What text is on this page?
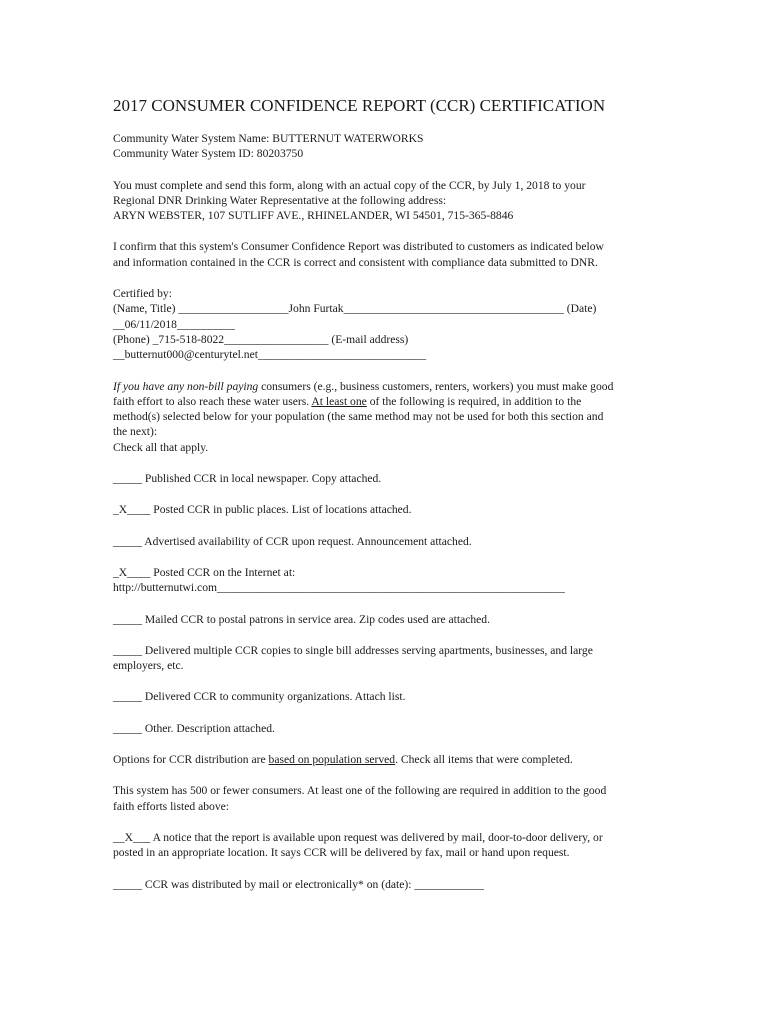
2017 CONSUMER CONFIDENCE REPORT (CCR) CERTIFICATION

Community Water System Name: BUTTERNUT WATERWORKS

Community Water System ID: 80203750

You must complete and send this form, along with an actual copy of the CCR, by July 1, 2018 to your

Regional DNR Drinking Water Representative at the following address:

ARYN WEBSTER, 107 SUTLIFF AVE., RHINELANDER, WI 54501, 715-365-8846

I confirm that this system's Consumer Confidence Report was distributed to customers as indicated below

and information contained in the CCR is correct and consistent with compliance data submitted to DNR.

Certified by:

(Name, Title) ___________________John Furtak______________________________________ (Date)

__06/11/2018__________

(Phone) _715-518-8022__________________ (E-mail address)

__butternut000@centurytel.net_____________________________

If you have any non-bill paying consumers (e.g., business customers, renters, workers) you must make good

faith effort to also reach these water users. At least one of the following is required, in addition to the

method(s) selected below for your population (the same method may not be used for both this section and

the next):

Check all that apply.

_____ Published CCR in local newspaper. Copy attached.

_X____ Posted CCR in public places. List of locations attached.

_____ Advertised availability of CCR upon request. Announcement attached.

_X____ Posted CCR on the Internet at:

http://butternutwi.com____________________________________________________________

_____ Mailed CCR to postal patrons in service area. Zip codes used are attached.

_____ Delivered multiple CCR copies to single bill addresses serving apartments, businesses, and large

employers, etc.

_____ Delivered CCR to community organizations. Attach list.

_____ Other. Description attached.

Options for CCR distribution are based on population served. Check all items that were completed.

This system has 500 or fewer consumers. At least one of the following are required in addition to the good

faith efforts listed above:

__X___ A notice that the report is available upon request was delivered by mail, door-to-door delivery, or

posted in an appropriate location. It says CCR will be delivered by fax, mail or hand upon request.

_____ CCR was distributed by mail or electronically* on (date): ____________
